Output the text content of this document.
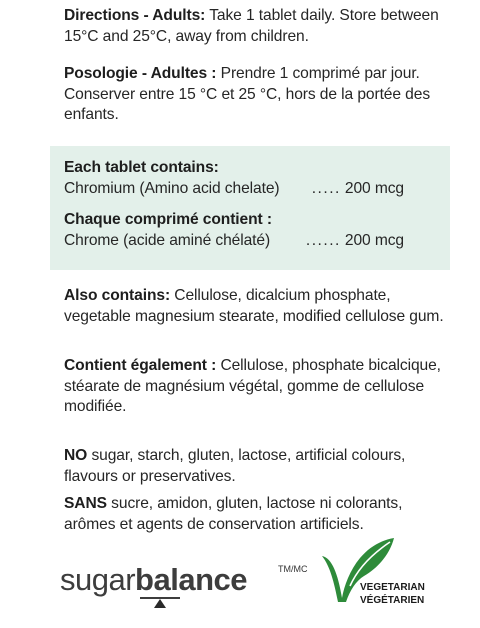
Directions - Adults: Take 1 tablet daily. Store between 15°C and 25°C, away from children.
Posologie - Adultes : Prendre 1 comprimé par jour. Conserver entre 15 °C et 25 °C, hors de la portée des enfants.
Each tablet contains:
Chromium (Amino acid chelate) ..... 200 mcg
Chaque comprimé contient :
Chrome (acide aminé chélaté) ...... 200 mcg
Also contains: Cellulose, dicalcium phosphate, vegetable magnesium stearate, modified cellulose gum.
Contient également : Cellulose, phosphate bicalcique, stéarate de magnésium végétal, gomme de cellulose modifiée.
NO sugar, starch, gluten, lactose, artificial colours, flavours or preservatives.
SANS sucre, amidon, gluten, lactose ni colorants, arômes et agents de conservation artificiels.
sugarbalance	TM/MC
VEGETARIAN
VÉGÉTARIEN
